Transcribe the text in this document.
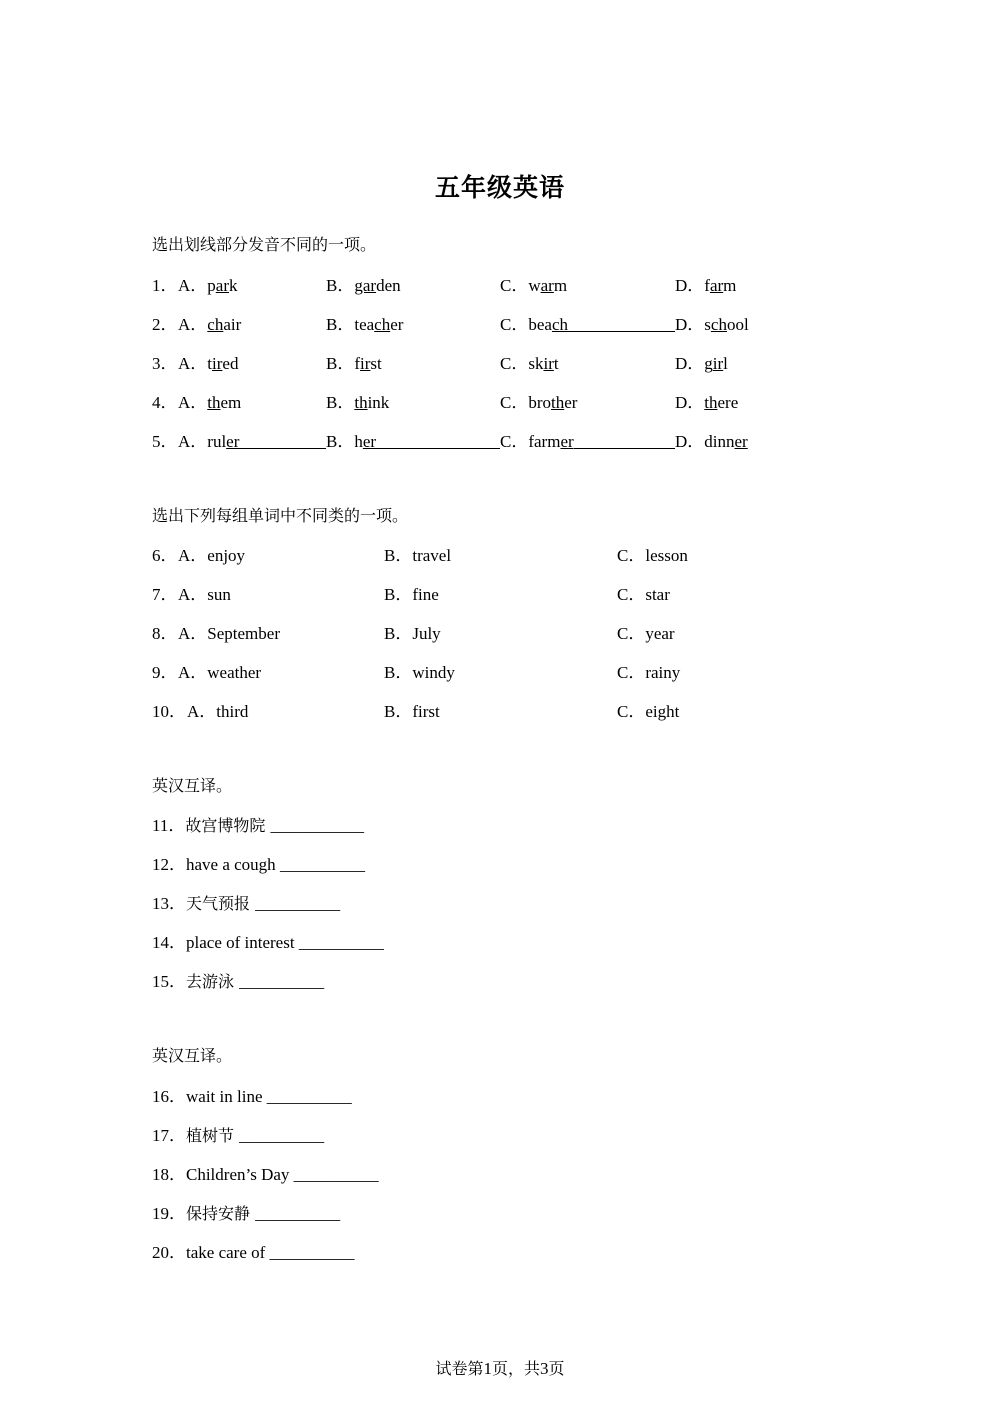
五年级英语
选出划线部分发音不同的一项。
1． A．park	B．garden	C．warm	D．farm
2． A．chair	B．teacher	C．beach	D．school
3． A．tired	B．first	C．skirt	D．girl
4． A．them	B．think	C．brother	D．there
5． A．ruler	B．her	C．farmer	D．dinner
选出下列每组单词中不同类的一项。
6． A．enjoy	B．travel	C．lesson
7． A．sun	B．fine	C．star
8． A．September	B．July	C．year
9． A．weather	B．windy	C．rainy
10． A．third	B．first	C．eight
英汉互译。
11．故宫博物院 ___________
12．have a cough __________
13．天气预报 __________
14．place of interest __________
15．去游泳 __________
英汉互译。
16．wait in line __________
17．植树节 __________
18．Children’s Day __________
19．保持安静 __________
20．take care of __________
试卷第1页，共3页
